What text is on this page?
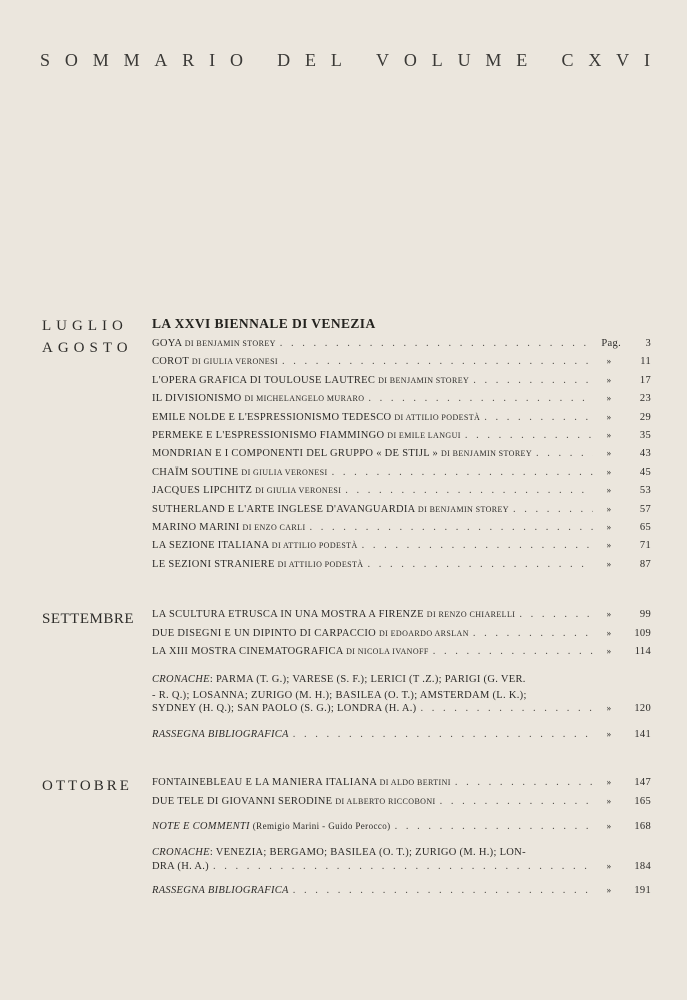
S O M M A R I O
D E L
V O L U M E
C X V I
LUGLIO
AGOSTO
SETTEMBRE
OTTOBRE
LA XXVI BIENNALE DI VENEZIA
GOYA DI BENJAMIN STOREY . . .	Pag.	3
COROT DI GIULIA VERONESI . . .	»	11
L'OPERA GRAFICA DI TOULOUSE LAUTREC DI BENJAMIN STOREY . . .	»	17
IL DIVISIONISMO DI MICHELANGELO MURARO . . .	»	23
EMILE NOLDE E L'ESPRESSIONISMO TEDESCO DI ATTILIO PODESTÀ . . .	»	29
PERMEKE E L'ESPRESSIONISMO FIAMMINGO DI EMILE LANGUI . . .	»	35
MONDRIAN E I COMPONENTI DEL GRUPPO « DE STIJL » DI BENJAMIN STOREY . . .	»	43
CHAÏM SOUTINE DI GIULIA VERONESI . . .	»	45
JACQUES LIPCHITZ DI GIULIA VERONESI . . .	»	53
SUTHERLAND E L'ARTE INGLESE D'AVANGUARDIA DI BENJAMIN STOREY . . .	»	57
MARINO MARINI DI ENZO CARLI . . .	»	65
LA SEZIONE ITALIANA DI ATTILIO PODESTÀ . . .	»	71
LE SEZIONI STRANIERE DI ATTILIO PODESTÀ . . .	»	87
LA SCULTURA ETRUSCA IN UNA MOSTRA A FIRENZE DI RENZO CHIARELLI . . .	»	99
DUE DISEGNI E UN DIPINTO DI CARPACCIO DI EDOARDO ARSLAN . . .	»	109
LA XIII MOSTRA CINEMATOGRAFICA DI NICOLA IVANOFF . . .	»	114
CRONACHE: PARMA (T. G.); VARESE (S. F.); LERICI (T .Z.); PARIGI (G. VER.
- R. Q.); LOSANNA; ZURIGO (M. H.); BASILEA (O. T.); AMSTERDAM (L. K.);
SYDNEY (H. Q.); SAN PAOLO (S. G.); LONDRA (H. A.) . . .	»	120
RASSEGNA BIBLIOGRAFICA . . .	»	141
FONTAINEBLEAU E LA MANIERA ITALIANA DI ALDO BERTINI . . .	»	147
DUE TELE DI GIOVANNI SERODINE DI ALBERTO RICCOBONI . . .	»	165
NOTE E COMMENTI (Remigio Marini - Guido Perocco) . . .	»	168
CRONACHE: VENEZIA; BERGAMO; BASILEA (O. T.); ZURIGO (M. H.); LON-
DRA (H. A.) . . .	»	184
RASSEGNA BIBLIOGRAFICA . . .	»	191
